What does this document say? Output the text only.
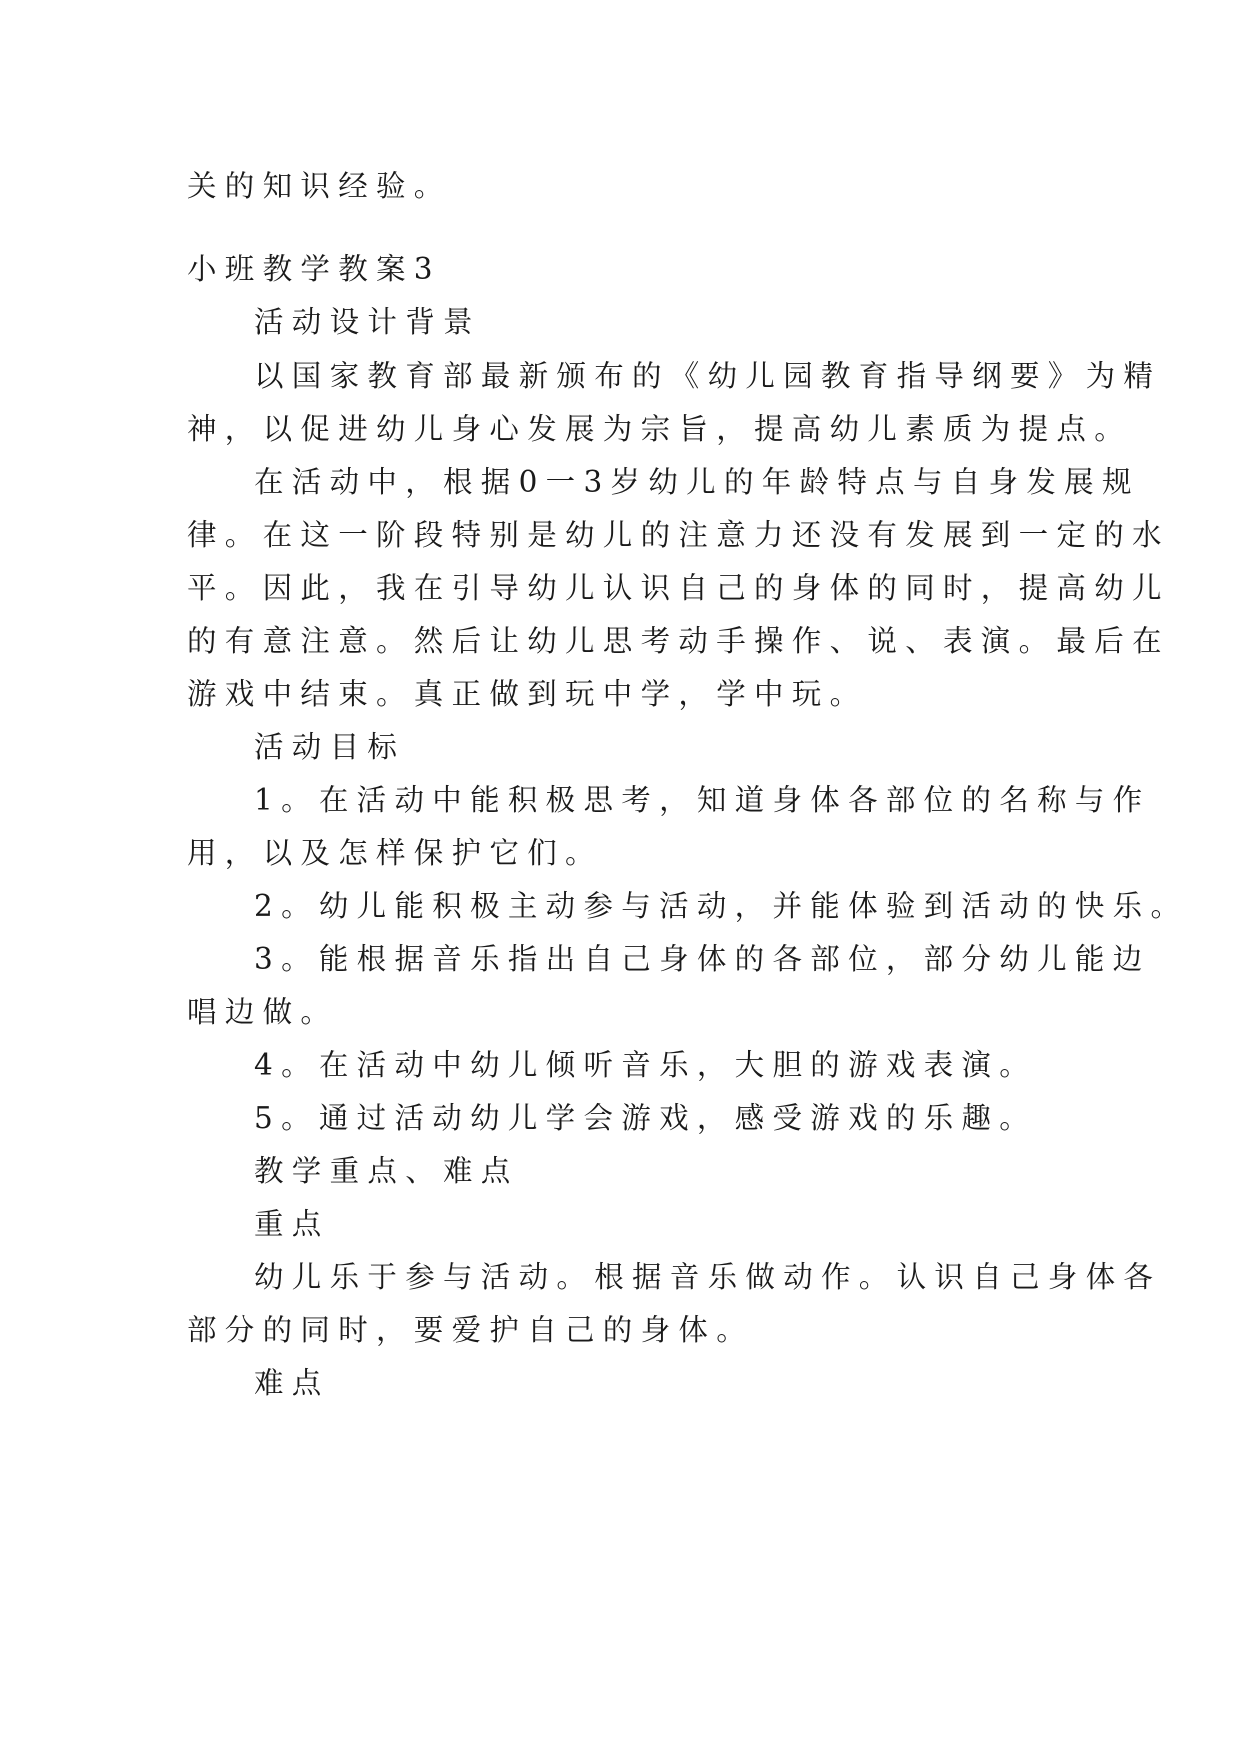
关的知识经验。
小班教学教案3
活动设计背景
以国家教育部最新颁布的《幼儿园教育指导纲要》为精
神，以促进幼儿身心发展为宗旨，提高幼儿素质为提点。
在活动中，根据0一3岁幼儿的年龄特点与自身发展规
律。在这一阶段特别是幼儿的注意力还没有发展到一定的水
平。因此，我在引导幼儿认识自己的身体的同时，提高幼儿
的有意注意。然后让幼儿思考动手操作、说、表演。最后在
游戏中结束。真正做到玩中学，学中玩。
活动目标
1。在活动中能积极思考，知道身体各部位的名称与作
用，以及怎样保护它们。
2。幼儿能积极主动参与活动，并能体验到活动的快乐。
3。能根据音乐指出自己身体的各部位，部分幼儿能边
唱边做。
4。在活动中幼儿倾听音乐，大胆的游戏表演。
5。通过活动幼儿学会游戏，感受游戏的乐趣。
教学重点、难点
重点
幼儿乐于参与活动。根据音乐做动作。认识自己身体各
部分的同时，要爱护自己的身体。
难点
